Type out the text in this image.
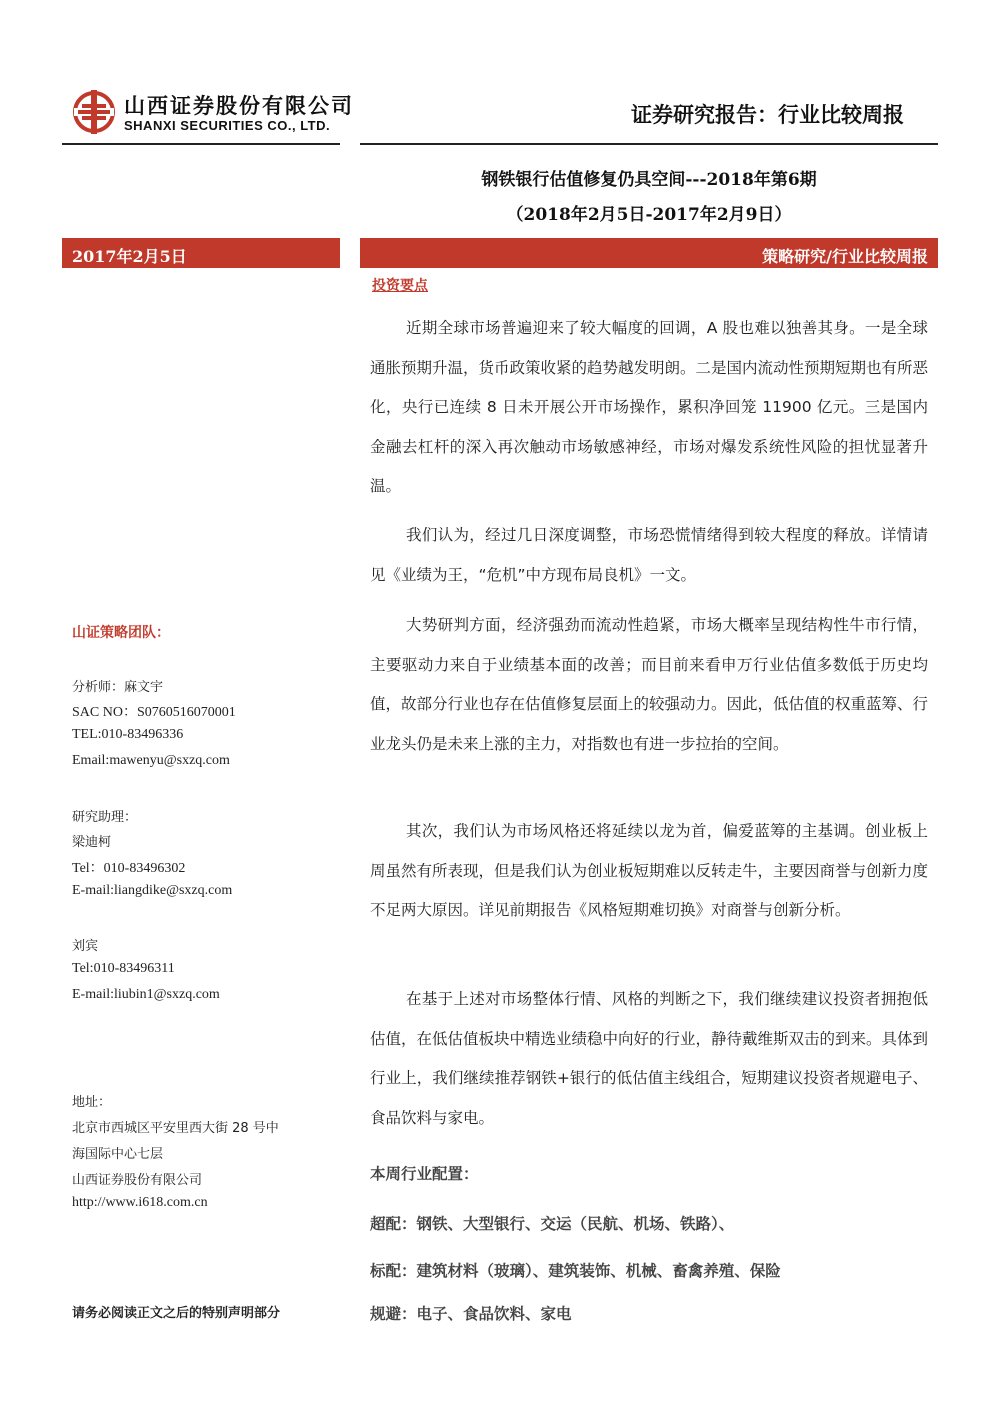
山西证券股份有限公司
SHANXI SECURITIES CO., LTD.	证券研究报告：行业比较周报
钢铁银行估值修复仍具空间---2018年第6期
（2018年2月5日-2017年2月9日）
2017年2月5日	策略研究/行业比较周报
山证策略团队：
分析师：麻文宇
SAC NO：S0760516070001
TEL:010-83496336
Email:mawenyu@sxzq.com
研究助理：
梁迪柯
Tel：010-83496302
E-mail:liangdike@sxzq.com
刘宾
Tel:010-83496311
E-mail:liubin1@sxzq.com
地址：
北京市西城区平安里西大街 28 号中
海国际中心七层
山西证券股份有限公司
http://www.i618.com.cn
请务必阅读正文之后的特别声明部分
投资要点

近期全球市场普遍迎来了较大幅度的回调，A 股也难以独善其身。一是全球通胀预期升温，货币政策收紧的趋势越发明朗。二是国内流动性预期短期也有所恶化，央行已连续 8 日未开展公开市场操作，累积净回笼 11900 亿元。三是国内金融去杠杆的深入再次触动市场敏感神经，市场对爆发系统性风险的担忧显著升温。

我们认为，经过几日深度调整，市场恐慌情绪得到较大程度的释放。详情请见《业绩为王，“危机”中方现布局良机》一文。

大势研判方面，经济强劲而流动性趋紧，市场大概率呈现结构性牛市行情，主要驱动力来自于业绩基本面的改善；而目前来看申万行业估值多数低于历史均值，故部分行业也存在估值修复层面上的较强动力。因此，低估值的权重蓝筹、行业龙头仍是未来上涨的主力，对指数也有进一步拉抬的空间。

其次，我们认为市场风格还将延续以龙为首，偏爱蓝筹的主基调。创业板上周虽然有所表现，但是我们认为创业板短期难以反转走牛，主要因商誉与创新力度不足两大原因。详见前期报告《风格短期难切换》对商誉与创新分析。

在基于上述对市场整体行情、风格的判断之下，我们继续建议投资者拥抱低估值，在低估值板块中精选业绩稳中向好的行业，静待戴维斯双击的到来。具体到行业上，我们继续推荐钢铁+银行的低估值主线组合，短期建议投资者规避电子、食品饮料与家电。

本周行业配置：
超配：钢铁、大型银行、交运（民航、机场、铁路）、
标配：建筑材料（玻璃）、建筑装饰、机械、畜禽养殖、保险
规避：电子、食品饮料、家电
